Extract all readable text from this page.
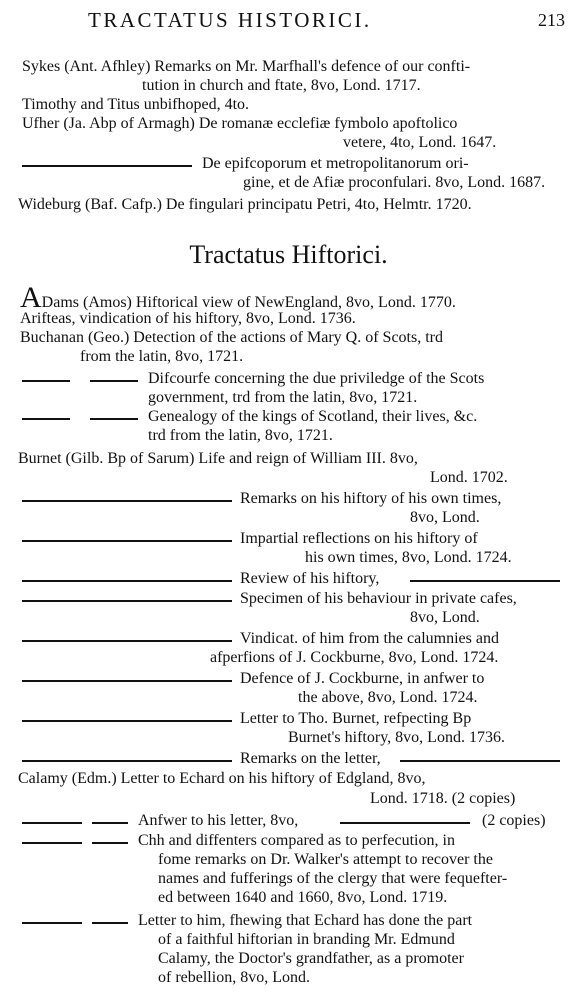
TRACTATUS HISTORICI.	213
Sykes (Ant. Afhley) Remarks on Mr. Marfhall's defence of our confti-
tution in church and ftate, 8vo, Lond. 1717.
Timothy and Titus unbifhoped, 4to.
Ufher (Ja. Abp of Armagh) De romanæ ecclefiæ fymbolo apoftolico
vetere, 4to, Lond. 1647.
De epifcoporum et metropolitanorum ori-
gine, et de Afiæ proconfulari. 8vo, Lond. 1687.
Wideburg (Baf. Cafp.) De fingulari principatu Petri, 4to, Helmtr. 1720.
Tractatus Hiftorici.
ADams (Amos) Hiftorical view of NewEngland, 8vo, Lond. 1770.
Arifteas, vindication of his hiftory, 8vo, Lond. 1736.
Buchanan (Geo.) Detection of the actions of Mary Q. of Scots, trd
from the latin, 8vo, 1721.
Difcourfe concerning the due priviledge of the Scots
government, trd from the latin, 8vo, 1721.
Genealogy of the kings of Scotland, their lives, &c.
trd from the latin, 8vo, 1721.
Burnet (Gilb. Bp of Sarum) Life and reign of William III. 8vo,
Lond. 1702.
Remarks on his hiftory of his own times,
8vo, Lond.
Impartial reflections on his hiftory of
his own times, 8vo, Lond. 1724.
Review of his hiftory,
Specimen of his behaviour in private cafes,
8vo, Lond.
Vindicat. of him from the calumnies and
afperfions of J. Cockburne, 8vo, Lond. 1724.
Defence of J. Cockburne, in anfwer to
the above, 8vo, Lond. 1724.
Letter to Tho. Burnet, refpecting Bp
Burnet's hiftory, 8vo, Lond. 1736.
Remarks on the letter,
Calamy (Edm.) Letter to Echard on his hiftory of Edgland, 8vo,
Lond. 1718. (2 copies)
Anfwer to his letter, 8vo,	(2 copies)
Chh and diffenters compared as to perfecution, in
fome remarks on Dr. Walker's attempt to recover the
names and fufferings of the clergy that were fequefter-
ed between 1640 and 1660, 8vo, Lond. 1719.
Letter to him, fhewing that Echard has done the part
of a faithful hiftorian in branding Mr. Edmund
Calamy, the Doctor's grandfather, as a promoter
of rebellion, 8vo, Lond.
